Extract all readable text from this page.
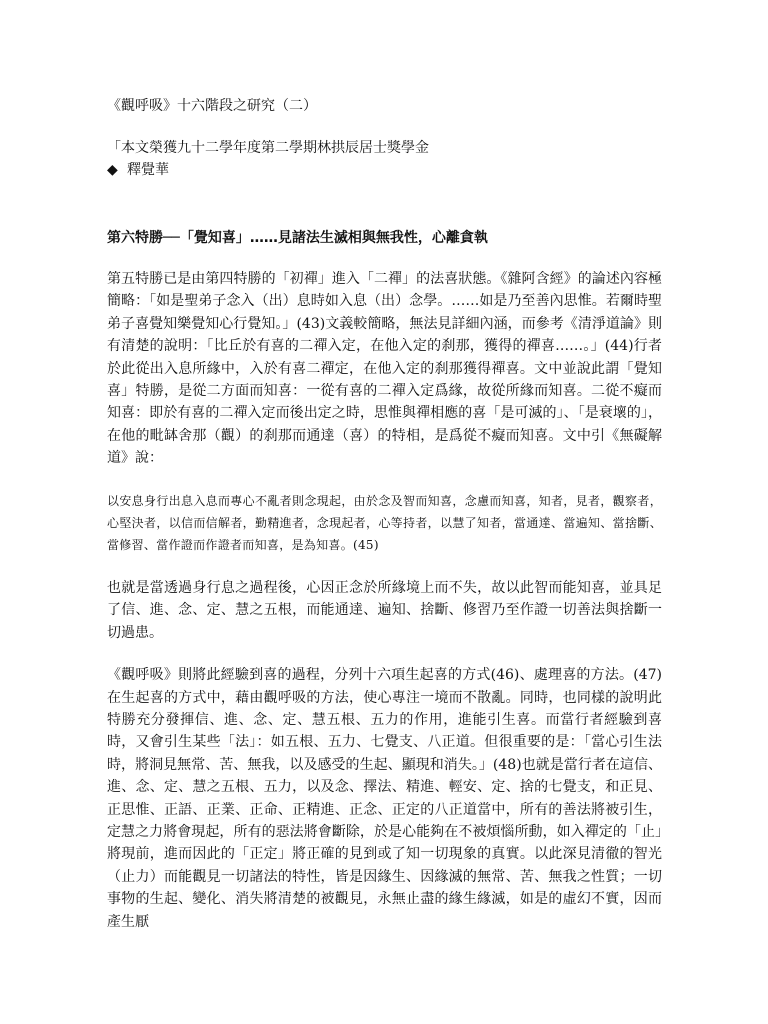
《觀呼吸》十六階段之研究（二）

「本文榮獲九十二學年度第二學期林拱辰居士獎學金

◆ 釋覺華

第六特勝──「覺知喜」……見諸法生滅相與無我性，心離貪執

第五特勝已是由第四特勝的「初禪」進入「二禪」的法喜狀態。《雜阿含經》的論述內容極簡略：「如是聖弟子念入（出）息時如入息（出）念學。……如是乃至善內思惟。若爾時聖弟子喜覺知樂覺知心行覺知。」(43)文義較簡略，無法見詳細內涵，而參考《清淨道論》則有清楚的說明：「比丘於有喜的二禪入定，在他入定的刹那，獲得的禪喜……。」(44)行者於此從出入息所緣中，入於有喜二禪定，在他入定的刹那獲得禪喜。文中並說此謂「覺知喜」特勝，是從二方面而知喜：一從有喜的二禪入定爲緣，故從所緣而知喜。二從不癡而知喜：即於有喜的二禪入定而後出定之時，思惟與禪相應的喜「是可滅的」、「是衰壞的」，在他的毗缽舍那（觀）的刹那而通達（喜）的特相，是爲從不癡而知喜。文中引《無礙解道》說：

以安息身行出息入息而專心不亂者則念現起，由於念及智而知喜，念慮而知喜，知者，見者，觀察者，心堅決者，以信而信解者，勤精進者，念現起者，心等持者，以慧了知者，當通達、當遍知、當捨斷、當修習、當作證而作證者而知喜，是為知喜。(45)

也就是當透過身行息之過程後，心因正念於所緣境上而不失，故以此智而能知喜，並具足了信、進、念、定、慧之五根，而能通達、遍知、捨斷、修習乃至作證一切善法與捨斷一切過患。

《觀呼吸》則將此經驗到喜的過程，分列十六項生起喜的方式(46)、處理喜的方法。(47)在生起喜的方式中，藉由觀呼吸的方法，使心專注一境而不散亂。同時，也同樣的說明此特勝充分發揮信、進、念、定、慧五根、五力的作用，進能引生喜。而當行者經驗到喜時，又會引生某些「法」：如五根、五力、七覺支、八正道。但很重要的是：「當心引生法時，將洞見無常、苦、無我，以及感受的生起、顯現和消失。」(48)也就是當行者在這信、進、念、定、慧之五根、五力，以及念、擇法、精進、輕安、定、捨的七覺支，和正見、正思惟、正語、正業、正命、正精進、正念、正定的八正道當中，所有的善法將被引生，定慧之力將會現起，所有的惡法將會斷除，於是心能夠在不被煩惱所動，如入禪定的「止」將現前，進而因此的「正定」將正確的見到或了知一切現象的真實。以此深見清徹的智光（止力）而能觀見一切諸法的特性，皆是因緣生、因緣滅的無常、苦、無我之性質；一切事物的生起、變化、消失將清楚的被觀見，永無止盡的緣生緣滅，如是的虛幻不實，因而產生厭
